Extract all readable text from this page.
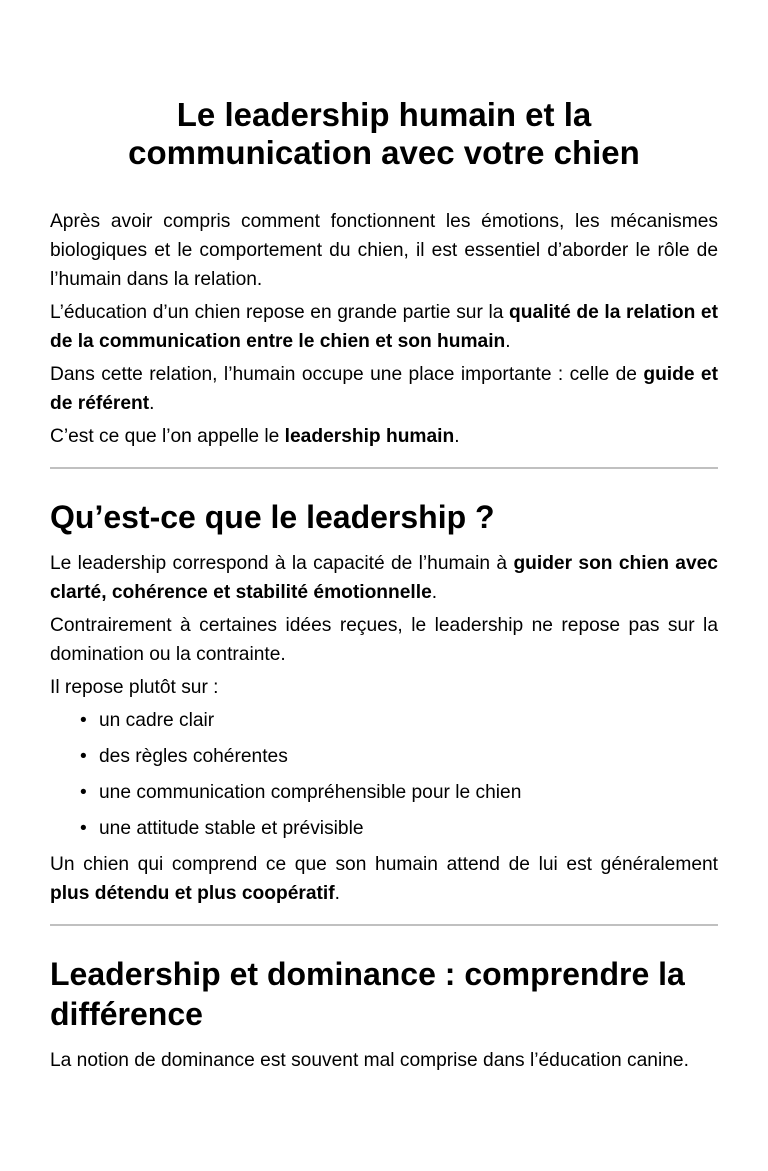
Le leadership humain et la communication avec votre chien

Après avoir compris comment fonctionnent les émotions, les mécanismes biologiques et le comportement du chien, il est essentiel d’aborder le rôle de l’humain dans la relation.

L’éducation d’un chien repose en grande partie sur la qualité de la relation et de la communication entre le chien et son humain.

Dans cette relation, l’humain occupe une place importante : celle de guide et de référent.

C’est ce que l’on appelle le leadership humain.

Qu’est-ce que le leadership ?

Le leadership correspond à la capacité de l’humain à guider son chien avec clarté, cohérence et stabilité émotionnelle.

Contrairement à certaines idées reçues, le leadership ne repose pas sur la domination ou la contrainte.

Il repose plutôt sur :

• un cadre clair
• des règles cohérentes
• une communication compréhensible pour le chien
• une attitude stable et prévisible

Un chien qui comprend ce que son humain attend de lui est généralement plus détendu et plus coopératif.

Leadership et dominance : comprendre la différence

La notion de dominance est souvent mal comprise dans l’éducation canine.
